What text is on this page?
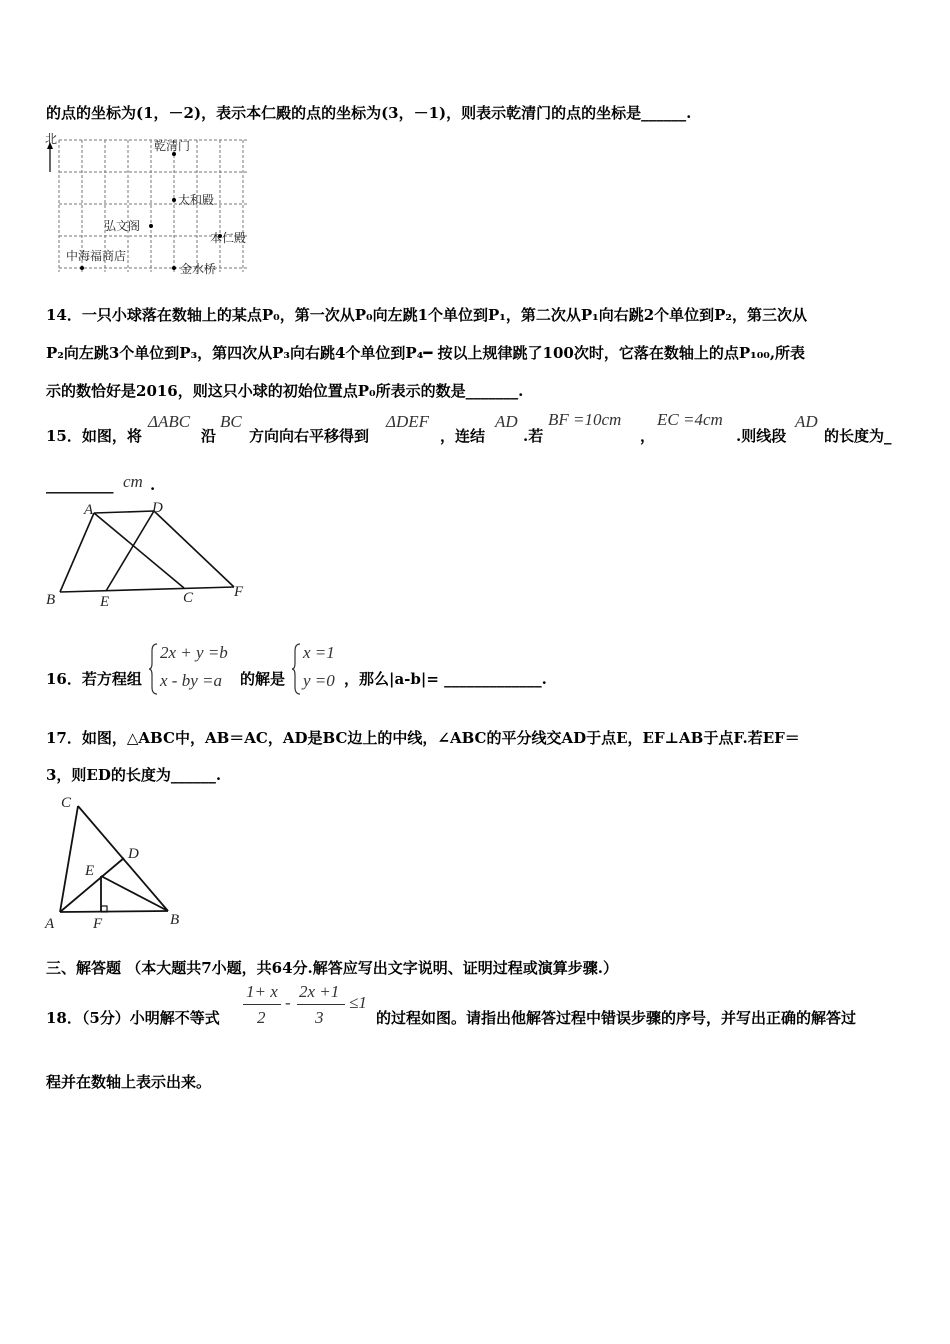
的点的坐标为(1，－2)，表示本仁殿的点的坐标为(3，－1)，则表示乾清门的点的坐标是______.
北	乾清门
太和殿
弘文阁
本仁殿
中海福商店
金水桥
14．一只小球落在数轴上的某点P₀，第一次从P₀向左跳1个单位到P₁，第二次从P₁向右跳2个单位到P₂，第三次从
P₂向左跳3个单位到P₃，第四次从P₃向右跳4个单位到P₄━ 按以上规律跳了100次时，它落在数轴上的点P₁₀₀,所表
示的数恰好是2016，则这只小球的初始位置点P₀所表示的数是_______.
15．如图，将
ΔABC
沿
BC
方向向右平移得到
ΔDEF
，连结
AD
.若
BF =10cm
，
EC =4cm
.则线段
AD
的长度为_
_________ cm .
A	D
B	E	C	F
16．若方程组
2x + y =b
x - by =a 的解是
x =1
y =0 ，那么|a-b|= _____________.
17．如图，△ABC中，AB＝AC，AD是BC边上的中线，∠ABC的平分线交AD于点E，EF⊥AB于点F.若EF＝
3，则ED的长度为______.
C
D
E
A	F	B
三、解答题 （本大题共7小题，共64分.解答应写出文字说明、证明过程或演算步骤.）
18．（5分）小明解不等式
1+ x
2
-
2x +1
3
≤1
的过程如图。请指出他解答过程中错误步骤的序号，并写出正确的解答过
程并在数轴上表示出来。
